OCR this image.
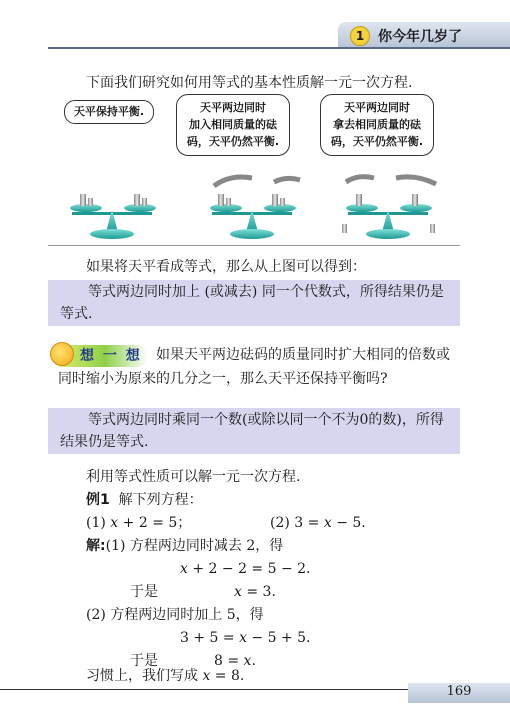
1 你今年几岁了
下面我们研究如何用等式的基本性质解一元一次方程.
天平保持平衡.	天平两边同时
加入相同质量的砝
码，天平仍然平衡.
天平两边同时
拿去相同质量的砝
码，天平仍然平衡.
如果将天平看成等式，那么从上图可以得到：
等式两边同时加上 (或减去) 同一个代数式，所得结果仍是
等式.
想 一 想 如果天平两边砝码的质量同时扩大相同的倍数或
同时缩小为原来的几分之一，那么天平还保持平衡吗?
等式两边同时乘同一个数(或除以同一个不为0的数)，所得
结果仍是等式.
利用等式性质可以解一元一次方程.
例1 解下列方程：
(1) x + 2 = 5；	(2) 3 = x − 5.
解:(1) 方程两边同时减去 2，得
x + 2 − 2 = 5 − 2.
于是	x = 3.
(2) 方程两边同时加上 5，得
3 + 5 = x − 5 + 5.
于是	8 = x.
习惯上，我们写成 x = 8.
169
